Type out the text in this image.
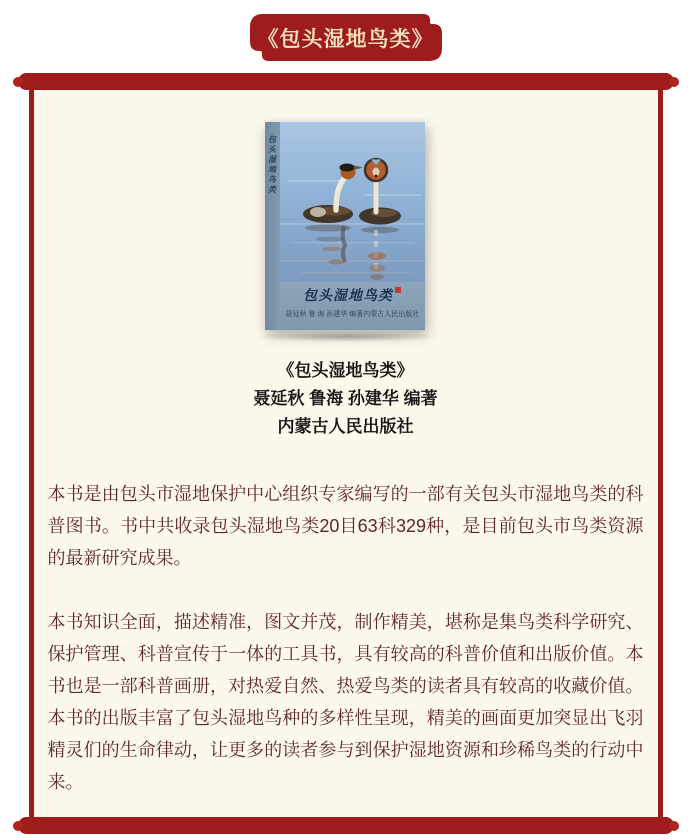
《包头湿地鸟类》
包头湿地鸟类
包头湿地鸟类
聂延秋 鲁 海 孙建华 编著 内蒙古人民出版社
《包头湿地鸟类》
聂延秋 鲁海 孙建华 编著
内蒙古人民出版社

本书是由包头市湿地保护中心组织专家编写的一部有关包头市湿地鸟类的科普图书。书中共收录包头湿地鸟类20目63科329种，是目前包头市鸟类资源的最新研究成果。

本书知识全面，描述精准，图文并茂，制作精美，堪称是集鸟类科学研究、保护管理、科普宣传于一体的工具书，具有较高的科普价值和出版价值。本书也是一部科普画册，对热爱自然、热爱鸟类的读者具有较高的收藏价值。本书的出版丰富了包头湿地鸟种的多样性呈现，精美的画面更加突显出飞羽精灵们的生命律动，让更多的读者参与到保护湿地资源和珍稀鸟类的行动中来。
